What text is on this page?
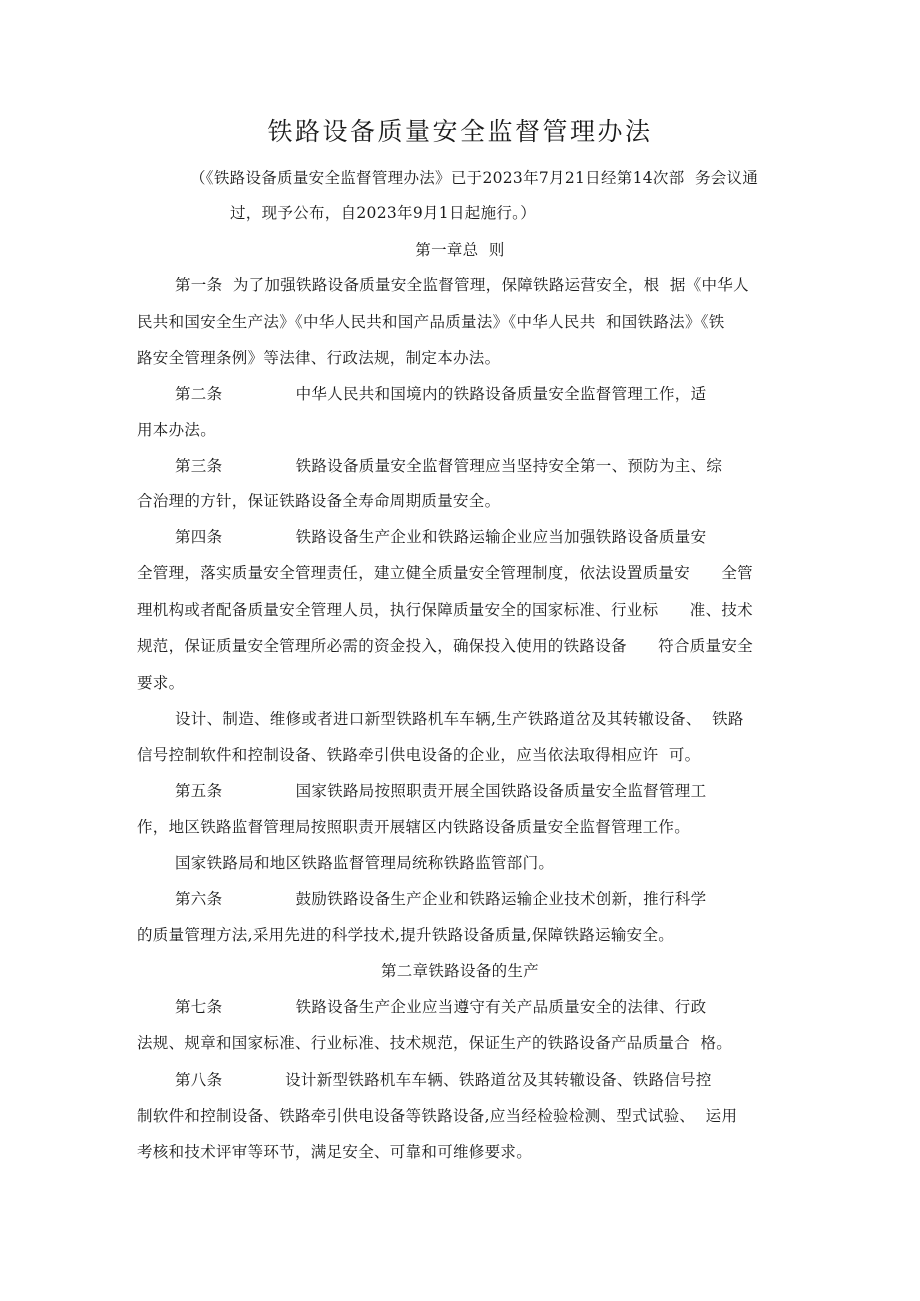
铁路设备质量安全监督管理办法
（《铁路设备质量安全监督管理办法》已于2023年7月21日经第14次部  务会议通
过，现予公布，自2023年9月1日起施行。）
第一章总  则
第一条  为了加强铁路设备质量安全监督管理，保障铁路运营安全，根  据《中华人
民共和国安全生产法》《中华人民共和国产品质量法》《中华人民共  和国铁路法》《铁
路安全管理条例》等法律、行政法规，制定本办法。
第二条              中华人民共和国境内的铁路设备质量安全监督管理工作，适
用本办法。
第三条              铁路设备质量安全监督管理应当坚持安全第一、预防为主、综
合治理的方针，保证铁路设备全寿命周期质量安全。
第四条              铁路设备生产企业和铁路运输企业应当加强铁路设备质量安
全管理，落实质量安全管理责任，建立健全质量安全管理制度，依法设置质量安      全管
理机构或者配备质量安全管理人员，执行保障质量安全的国家标准、行业标      准、技术
规范，保证质量安全管理所必需的资金投入，确保投入使用的铁路设备      符合质量安全
要求。
设计、制造、维修或者进口新型铁路机车车辆,生产铁路道岔及其转辙设备、  铁路
信号控制软件和控制设备、铁路牵引供电设备的企业，应当依法取得相应许  可。
第五条              国家铁路局按照职责开展全国铁路设备质量安全监督管理工
作，地区铁路监督管理局按照职责开展辖区内铁路设备质量安全监督管理工作。
国家铁路局和地区铁路监督管理局统称铁路监管部门。
第六条              鼓励铁路设备生产企业和铁路运输企业技术创新，推行科学
的质量管理方法,采用先进的科学技术,提升铁路设备质量,保障铁路运输安全。
第二章铁路设备的生产
第七条              铁路设备生产企业应当遵守有关产品质量安全的法律、行政
法规、规章和国家标准、行业标准、技术规范，保证生产的铁路设备产品质量合  格。
第八条            设计新型铁路机车车辆、铁路道岔及其转辙设备、铁路信号控
制软件和控制设备、铁路牵引供电设备等铁路设备,应当经检验检测、型式试验、  运用
考核和技术评审等环节，满足安全、可靠和可维修要求。
